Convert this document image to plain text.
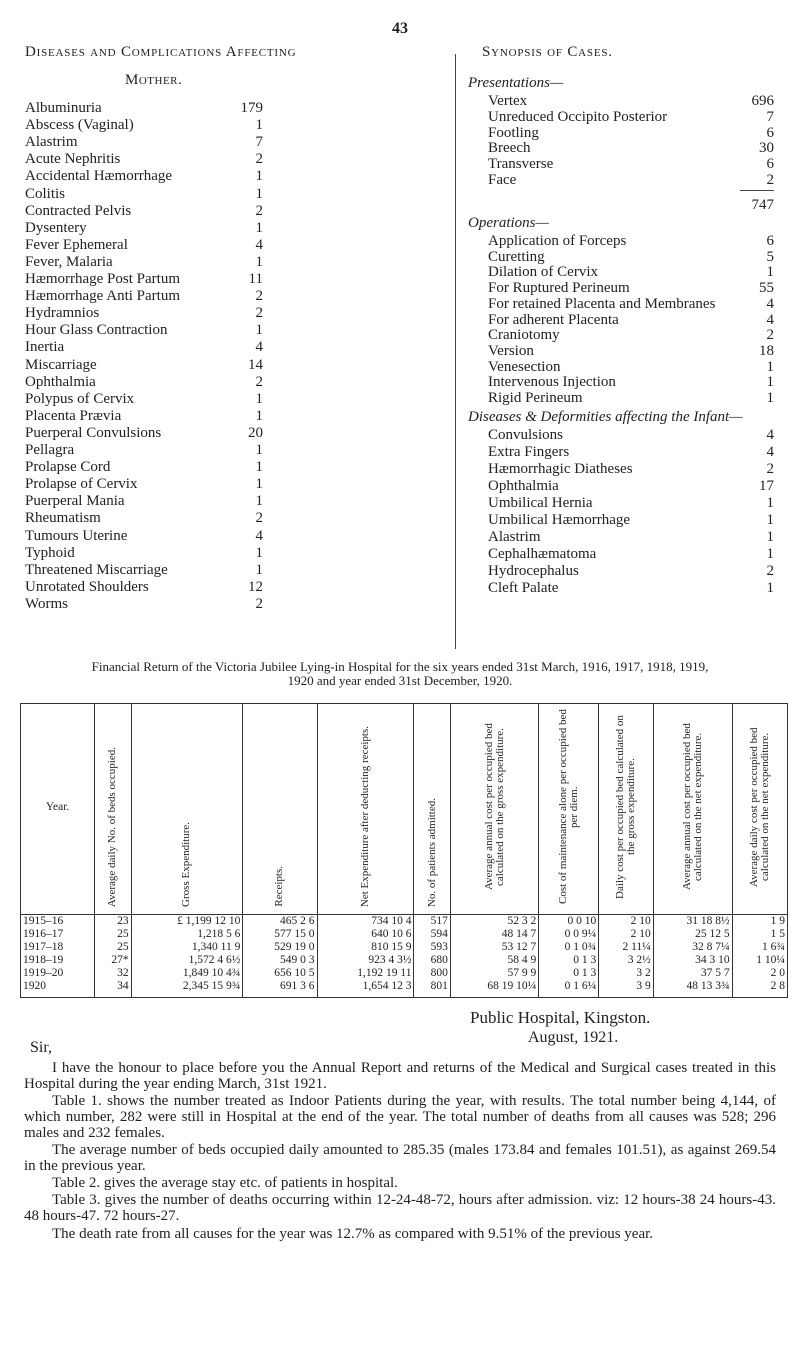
43
Diseases and Complications Affecting
Mother.
Albuminuria	179
Abscess (Vaginal)	1
Alastrim	7
Acute Nephritis	2
Accidental Hæmorrhage	1
Colitis	1
Contracted Pelvis	2
Dysentery	1
Fever Ephemeral	4
Fever, Malaria	1
Hæmorrhage Post Partum	11
Hæmorrhage Anti Partum	2
Hydramnios	2
Hour Glass Contraction	1
Inertia	4
Miscarriage	14
Ophthalmia	2
Polypus of Cervix	1
Placenta Prævia	1
Puerperal Convulsions	20
Pellagra	1
Prolapse Cord	1
Prolapse of Cervix	1
Puerperal Mania	1
Rheumatism	2
Tumours Uterine	4
Typhoid	1
Threatened Miscarriage	1
Unrotated Shoulders	12
Worms	2
Synopsis of Cases.
Presentations—
Vertex	696
Unreduced Occipito Posterior	7
Footling	6
Breech	30
Transverse	6
Face	2
747
Operations—
Application of Forceps	6
Curetting	5
Dilation of Cervix	1
For Ruptured Perineum	55
For retained Placenta and Membranes	4
For adherent Placenta	4
Craniotomy	2
Version	18
Venesection	1
Intervenous Injection	1
Rigid Perineum	1
Diseases & Deformities affecting the Infant—
Convulsions	4
Extra Fingers	4
Hæmorrhagic Diatheses	2
Ophthalmia	17
Umbilical Hernia	1
Umbilical Hæmorrhage	1
Alastrim	1
Cephalhæmatoma	1
Hydrocephalus	2
Cleft Palate	1
Financial Return of the Victoria Jubilee Lying-in Hospital for the six years ended 31st March, 1916, 1917, 1918, 1919,
1920 and year ended 31st December, 1920.
Year.	Average daily No. of beds occupied.	Gross Expenditure.	Receipts.	Net Expenditure after deducting receipts.	No. of patients admitted.	Average annual cost per occupied bed calculated on the gross expenditure.	Cost of maintenance alone per occupied bed per diem.	Daily cost per occupied bed calculated on the gross expenditure.	Average annual cost per occupied bed calculated on the net expenditure.	Average daily cost per occupied bed calculated on the net expenditure.
1915–16	23	£ 1,199 12 10	465 2 6	734 10 4	517	52 3 2	0 0 10	2 10	31 18 8½	1 9
1916–17	25	1,218 5 6	577 15 0	640 10 6	594	48 14 7	0 0 9¼	2 10	25 12 5	1 5
1917–18	25	1,340 11 9	529 19 0	810 15 9	593	53 12 7	0 1 0¾	2 11¼	32 8 7¼	1 6¾
1918–19	27*	1,572 4 6½	549 0 3	923 4 3½	680	58 4 9	0 1 3	3 2½	34 3 10	1 10¼
1919–20	32	1,849 10 4¾	656 10 5	1,192 19 11	800	57 9 9	0 1 3	3 2	37 5 7	2 0
1920	34	2,345 15 9¾	691 3 6	1,654 12 3	801	68 19 10¼	0 1 6¼	3 9	48 13 3¾	2 8
Public Hospital, Kingston.
August, 1921.
Sir,
I have the honour to place before you the Annual Report and returns of the Medical and Surgical cases treated in this Hospital during the year ending March, 31st 1921.
Table 1. shows the number treated as Indoor Patients during the year, with results. The total number being 4,144, of which number, 282 were still in Hospital at the end of the year. The total number of deaths from all causes was 528; 296 males and 232 females.
The average number of beds occupied daily amounted to 285.35 (males 173.84 and females 101.51), as against 269.54 in the previous year.
Table 2. gives the average stay etc. of patients in hospital.
Table 3. gives the number of deaths occurring within 12-24-48-72, hours after admission. viz: 12 hours-38 24 hours-43. 48 hours-47. 72 hours-27.
The death rate from all causes for the year was 12.7% as compared with 9.51% of the previous year.
